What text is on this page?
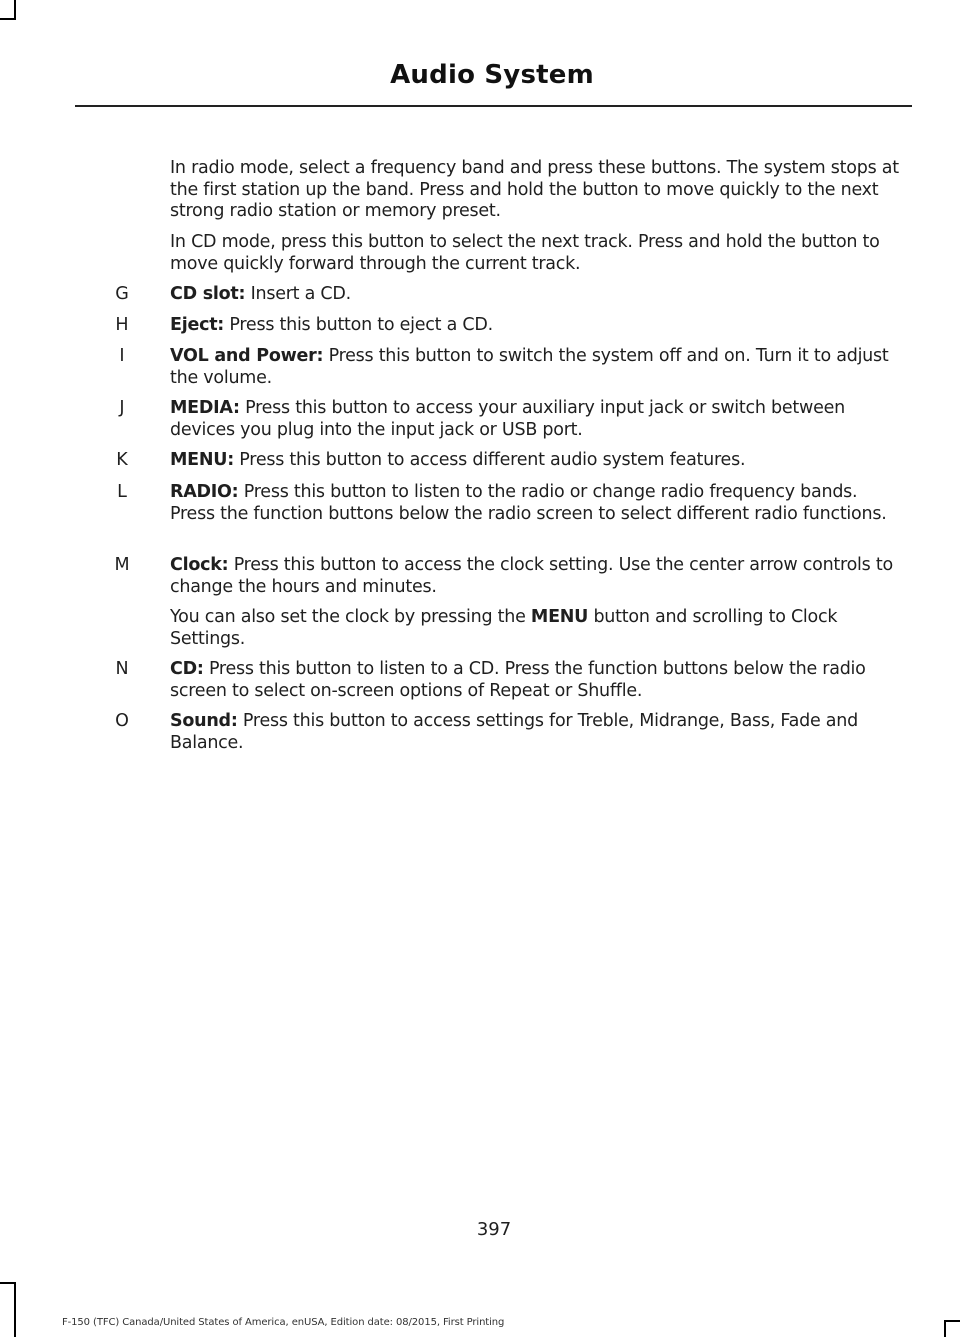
Audio System

In radio mode, select a frequency band and press these buttons. The system stops at the first station up the band. Press and hold the button to move quickly to the next strong radio station or memory preset.

In CD mode, press this button to select the next track. Press and hold the button to move quickly forward through the current track.

G	CD slot: Insert a CD.

H	Eject: Press this button to eject a CD.

I	VOL and Power: Press this button to switch the system off and on. Turn it to adjust the volume.

J	MEDIA: Press this button to access your auxiliary input jack or switch between devices you plug into the input jack or USB port.

K	MENU: Press this button to access different audio system features.

L	RADIO: Press this button to listen to the radio or change radio frequency bands. Press the function buttons below the radio screen to select different radio functions.

M	Clock: Press this button to access the clock setting. Use the center arrow controls to change the hours and minutes.

You can also set the clock by pressing the MENU button and scrolling to Clock Settings.

N	CD: Press this button to listen to a CD. Press the function buttons below the radio screen to select on-screen options of Repeat or Shuffle.

O	Sound: Press this button to access settings for Treble, Midrange, Bass, Fade and Balance.

397
F-150 (TFC) Canada/United States of America, enUSA, Edition date: 08/2015, First Printing
